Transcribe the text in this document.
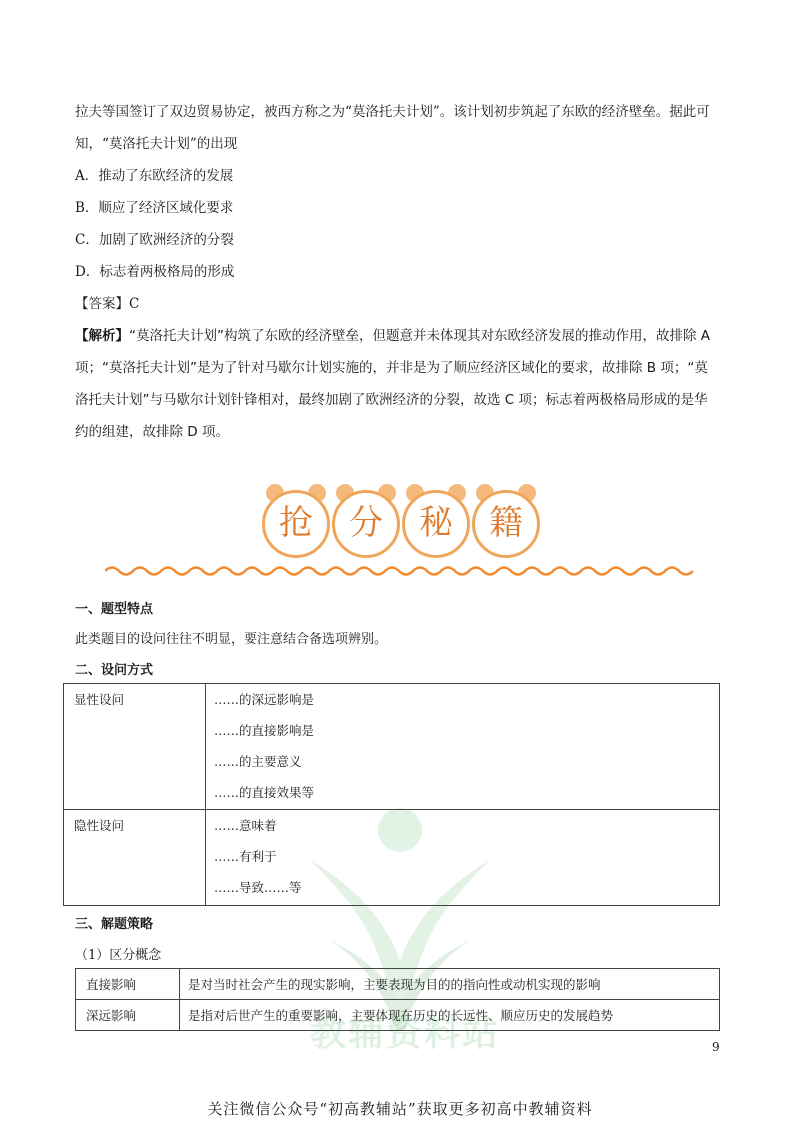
教辅资料站
拉夫等国签订了双边贸易协定，被西方称之为“莫洛托夫计划”。该计划初步筑起了东欧的经济壁垒。据此可
知，“莫洛托夫计划”的出现
A．推动了东欧经济的发展
B．顺应了经济区域化要求
C．加剧了欧洲经济的分裂
D．标志着两极格局的形成
【答案】C
【解析】“莫洛托夫计划”构筑了东欧的经济壁垒，但题意并未体现其对东欧经济发展的推动作用，故排除 A
项；“莫洛托夫计划”是为了针对马歇尔计划实施的，并非是为了顺应经济区域化的要求，故排除 B 项；“莫
洛托夫计划”与马歇尔计划针锋相对，最终加剧了欧洲经济的分裂，故选 C 项；标志着两极格局形成的是华
约的组建，故排除 D 项。
抢	分	秘	籍
一、题型特点
此类题目的设问往往不明显，要注意结合备选项辨别。
二、设问方式
显性设问	……的深远影响是
……的直接影响是
……的主要意义
……的直接效果等

隐性设问	……意味着
……有利于
……导致……等
三、解题策略
（1）区分概念
直接影响	是对当时社会产生的现实影响，主要表现为目的的指向性或动机实现的影响
深远影响	是指对后世产生的重要影响，主要体现在历史的长远性、顺应历史的发展趋势
9
关注微信公众号“初高教辅站”获取更多初高中教辅资料
